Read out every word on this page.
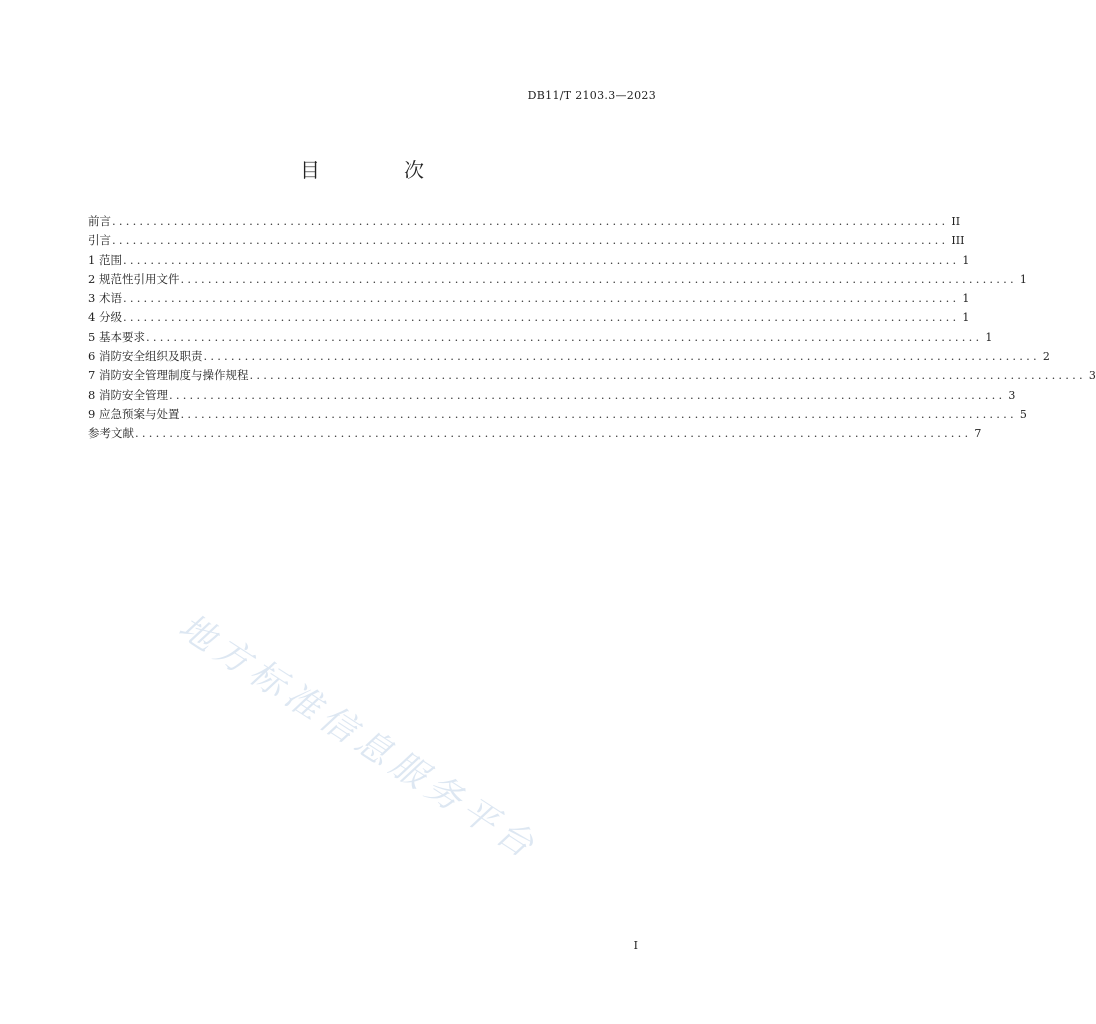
DB11/T 2103.3—2023
目　次
前言 .......................................................................................................................... II
引言 .......................................................................................................................... III
1 范围 .......................................................................................................................... 1
2 规范性引用文件 .......................................................................................................................... 1
3 术语 .......................................................................................................................... 1
4 分级 .......................................................................................................................... 1
5 基本要求 .......................................................................................................................... 1
6 消防安全组织及职责 .......................................................................................................................... 2
7 消防安全管理制度与操作规程 .......................................................................................................................... 3
8 消防安全管理 .......................................................................................................................... 3
9 应急预案与处置 .......................................................................................................................... 5
参考文献 .......................................................................................................................... 7
地方标准信息服务平台
I
